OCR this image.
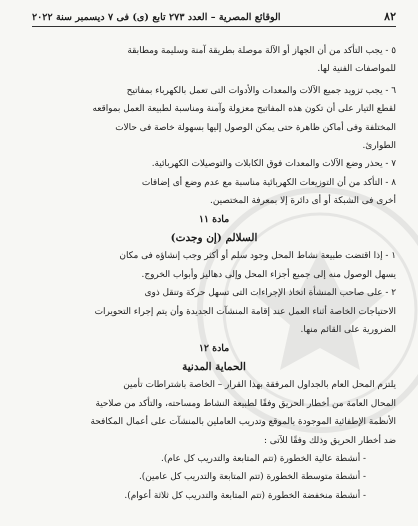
٨٢
الوقائع المصرية – العدد ٢٧٣ تابع (ى) فى ٧ ديسمبر سنة ٢٠٢٢

٥ - يجب التأكد من أن الجهاز أو الآلة موصلة بطريقة آمنة وسليمة ومطابقة

للمواصفات الفنية لها.

٦ - يجب تزويد جميع الآلات والمعدات والأدوات التى تعمل بالكهرباء بمفاتيح

لقطع التيار على أن تكون هذه المفاتيح معزولة وآمنة ومناسبة لطبيعة العمل بمواقعه

المختلفة وفى أماكن ظاهرة حتى يمكن الوصول إليها بسهولة خاصة فى حالات

الطوارئ.

٧ - يحذر وضع الآلات والمعدات فوق الكابلات والتوصيلات الكهربائية.

٨ - التأكد من أن التوزيعات الكهربائية مناسبة مع عدم وضع أى إضافات

أخرى فى الشبكة أو أى دائرة إلا بمعرفة المختصين.

مادة ١١

السلالم (إن وجدت)

١ - إذا اقتضت طبيعة نشاط المحل وجود سلم أو أكثر وجب إنشاؤه فى مكان

يسهل الوصول منه إلى جميع أجزاء المحل وإلى دهاليز وأبواب الخروج.

٢ - على صاحب المنشأة اتخاذ الإجراءات التى تسهل حركة وتنقل ذوى

الاحتياجات الخاصة أثناء العمل عند إقامة المنشآت الجديدة وأن يتم إجراء التحويرات

الضرورية على القائم منها.

مادة ١٢

الحماية المدنية

يلتزم المحل العام بالجداول المرفقة بهذا القرار – الخاصة باشتراطات تأمين

المحال العامة من أخطار الحريق وفقًا لطبيعة النشاط ومساحته، والتأكد من صلاحية

الأنظمة الإطفائية الموجودة بالموقع وتدريب العاملين بالمنشآت على أعمال المكافحة

ضد أخطار الحريق وذلك وفقًا للآتى :

- أنشطة عالية الخطورة (تتم المتابعة والتدريب كل عام).

- أنشطة متوسطة الخطورة (تتم المتابعة والتدريب كل عامين).

- أنشطة منخفضة الخطورة (تتم المتابعة والتدريب كل ثلاثة أعوام).
